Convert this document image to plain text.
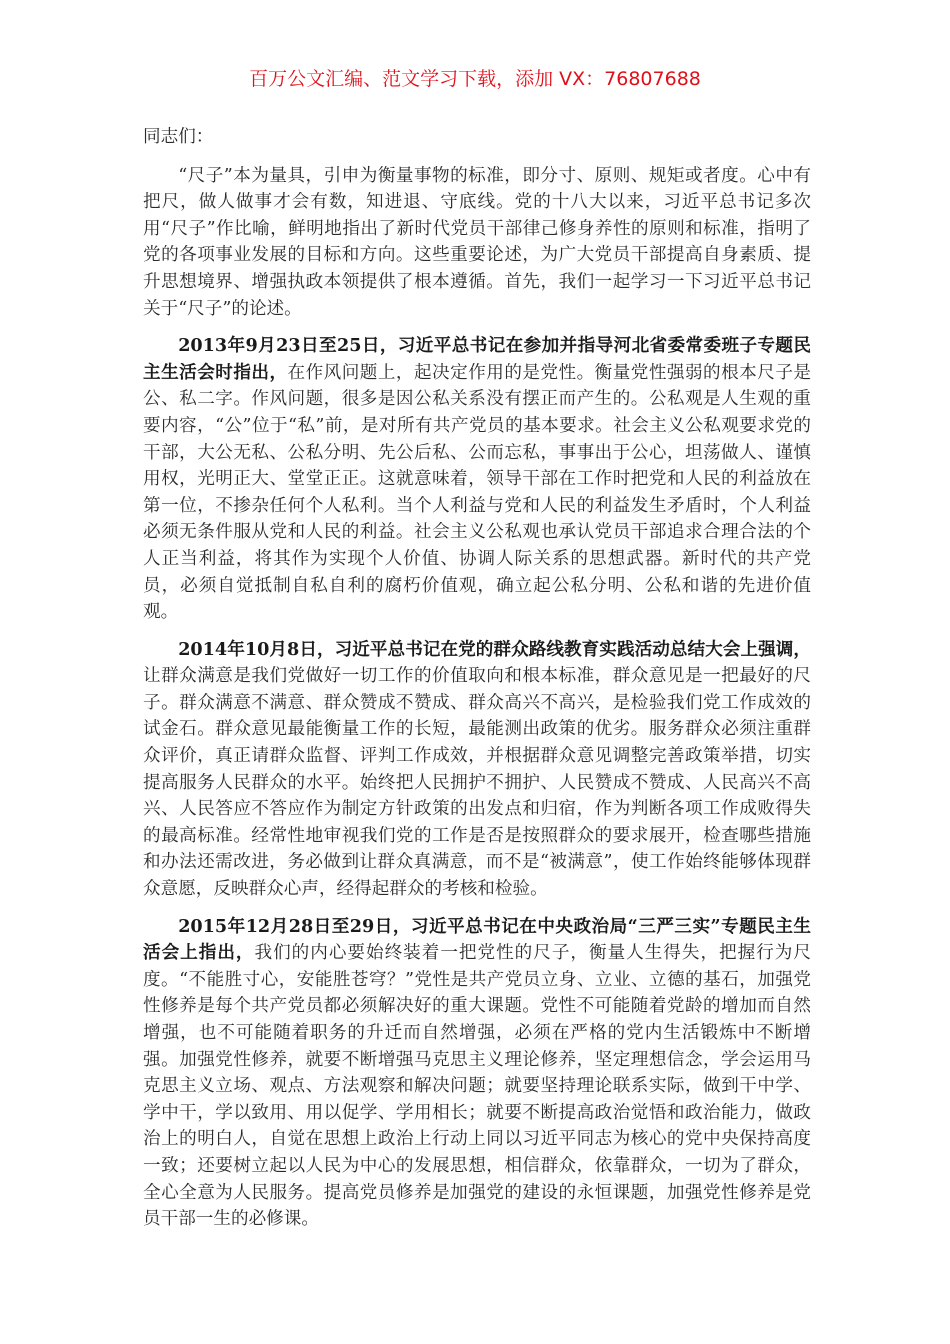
百万公文汇编、范文学习下载，添加 VX：76807688

同志们：

“尺子”本为量具，引申为衡量事物的标准，即分寸、原则、规矩或者度。心中有把尺，做人做事才会有数，知进退、守底线。党的十八大以来，习近平总书记多次用“尺子”作比喻，鲜明地指出了新时代党员干部律己修身养性的原则和标准，指明了党的各项事业发展的目标和方向。这些重要论述，为广大党员干部提高自身素质、提升思想境界、增强执政本领提供了根本遵循。首先，我们一起学习一下习近平总书记关于“尺子”的论述。

2013年9月23日至25日，习近平总书记在参加并指导河北省委常委班子专题民主生活会时指出，在作风问题上，起决定作用的是党性。衡量党性强弱的根本尺子是公、私二字。作风问题，很多是因公私关系没有摆正而产生的。公私观是人生观的重要内容，“公”位于“私”前，是对所有共产党员的基本要求。社会主义公私观要求党的干部，大公无私、公私分明、先公后私、公而忘私，事事出于公心，坦荡做人、谨慎用权，光明正大、堂堂正正。这就意味着，领导干部在工作时把党和人民的利益放在第一位，不掺杂任何个人私利。当个人利益与党和人民的利益发生矛盾时，个人利益必须无条件服从党和人民的利益。社会主义公私观也承认党员干部追求合理合法的个人正当利益，将其作为实现个人价值、协调人际关系的思想武器。新时代的共产党员，必须自觉抵制自私自利的腐朽价值观，确立起公私分明、公私和谐的先进价值观。

2014年10月8日，习近平总书记在党的群众路线教育实践活动总结大会上强调，让群众满意是我们党做好一切工作的价值取向和根本标准，群众意见是一把最好的尺子。群众满意不满意、群众赞成不赞成、群众高兴不高兴，是检验我们党工作成效的试金石。群众意见最能衡量工作的长短，最能测出政策的优劣。服务群众必须注重群众评价，真正请群众监督、评判工作成效，并根据群众意见调整完善政策举措，切实提高服务人民群众的水平。始终把人民拥护不拥护、人民赞成不赞成、人民高兴不高兴、人民答应不答应作为制定方针政策的出发点和归宿，作为判断各项工作成败得失的最高标准。经常性地审视我们党的工作是否是按照群众的要求展开，检查哪些措施和办法还需改进，务必做到让群众真满意，而不是“被满意”，使工作始终能够体现群众意愿，反映群众心声，经得起群众的考核和检验。

2015年12月28日至29日，习近平总书记在中央政治局“三严三实”专题民主生活会上指出，我们的内心要始终装着一把党性的尺子，衡量人生得失，把握行为尺度。“不能胜寸心，安能胜苍穹？”党性是共产党员立身、立业、立德的基石，加强党性修养是每个共产党员都必须解决好的重大课题。党性不可能随着党龄的增加而自然增强，也不可能随着职务的升迁而自然增强，必须在严格的党内生活锻炼中不断增强。加强党性修养，就要不断增强马克思主义理论修养，坚定理想信念，学会运用马克思主义立场、观点、方法观察和解决问题；就要坚持理论联系实际，做到干中学、学中干，学以致用、用以促学、学用相长；就要不断提高政治觉悟和政治能力，做政治上的明白人，自觉在思想上政治上行动上同以习近平同志为核心的党中央保持高度一致；还要树立起以人民为中心的发展思想，相信群众，依靠群众，一切为了群众，全心全意为人民服务。提高党员修养是加强党的建设的永恒课题，加强党性修养是党员干部一生的必修课。
